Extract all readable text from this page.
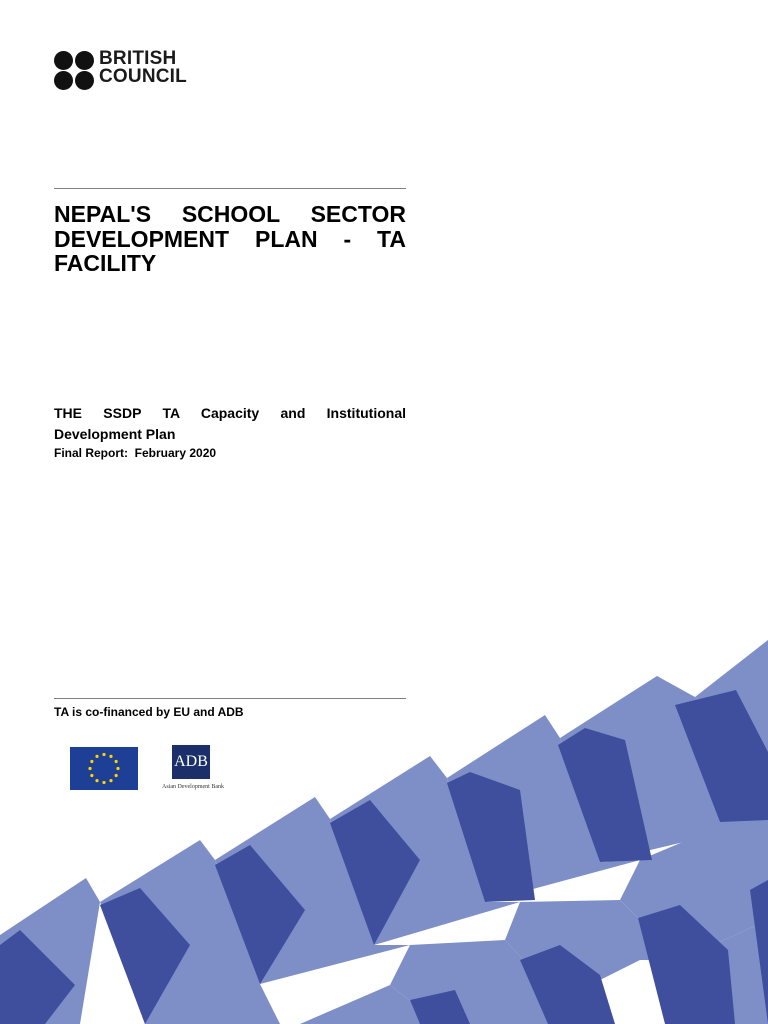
BRITISH
COUNCIL
NEPAL'S SCHOOL SECTOR DEVELOPMENT PLAN - TA FACILITY

THE SSDP TA Capacity and Institutional Development Plan

Final Report:  February 2020
TA is co-financed by EU and ADB
ADB
Asian Development Bank
